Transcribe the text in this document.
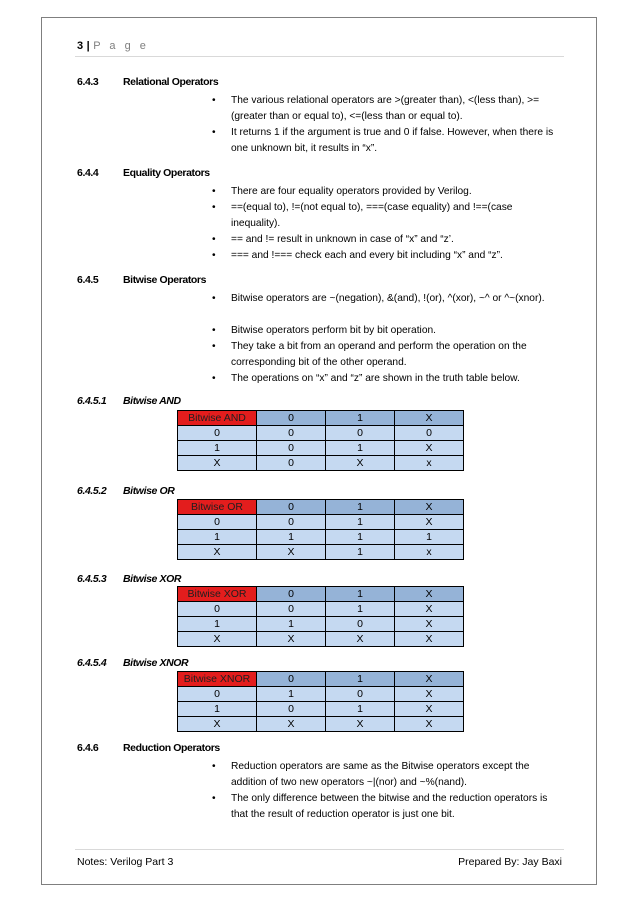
3 | P a g e
6.4.3 Relational Operators
• The various relational operators are >(greater than), <(less than), >=(greater than or equal to), <=(less than or equal to).
• It returns 1 if the argument is true and 0 if false. However, when there is one unknown bit, it results in “x”.
6.4.4 Equality Operators
• There are four equality operators provided by Verilog.
• ==(equal to), !=(not equal to), ===(case equality) and !==(case inequality).
• == and != result in unknown in case of “x” and “z’.
• === and !=== check each and every bit including “x” and “z”.
6.4.5 Bitwise Operators
• Bitwise operators are ~(negation), &(and), !(or), ^(xor), ~^ or ^~(xnor).
• Bitwise operators perform bit by bit operation.
• They take a bit from an operand and perform the operation on the corresponding bit of the other operand.
• The operations on “x” and “z” are shown in the truth table below.
6.4.5.1 Bitwise AND
Bitwise AND	0	1	X
0	0	0	0
1	0	1	X
X	0	X	x
6.4.5.2 Bitwise OR
Bitwise OR	0	1	X
0	0	1	X
1	1	1	1
X	X	1	x
6.4.5.3 Bitwise XOR
Bitwise XOR	0	1	X
0	0	1	X
1	1	0	X
X	X	X	X
6.4.5.4 Bitwise XNOR
Bitwise XNOR	0	1	X
0	1	0	X
1	0	1	X
X	X	X	X
6.4.6 Reduction Operators
• Reduction operators are same as the Bitwise operators except the addition of two new operators ~|(nor) and ~%(nand).
• The only difference between the bitwise and the reduction operators is that the result of reduction operator is just one bit.
Notes: Verilog Part 3	Prepared By: Jay Baxi
